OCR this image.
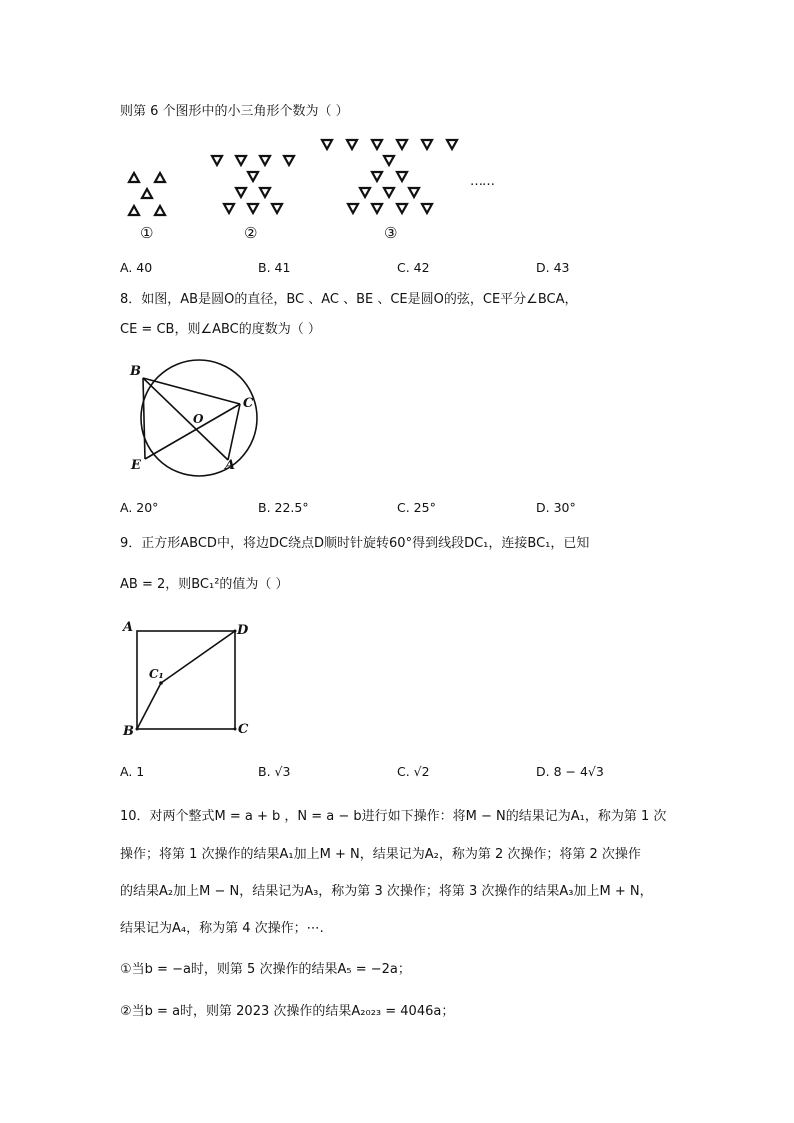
则第 6 个图形中的小三角形个数为（ ）
①	②	③
……
A. 40	B. 41	C. 42	D. 43
8．如图，AB是圆O的直径，BC 、AC 、BE 、CE是圆O的弦，CE平分∠BCA，
CE = CB，则∠ABC的度数为（ ）
B
C
O
E	A
A. 20°	B. 22.5°	C. 25°	D. 30°
9．正方形ABCD中，将边DC绕点D顺时针旋转60°得到线段DC₁，连接BC₁，已知
AB = 2，则BC₁²的值为（ ）
A	D
C₁
B	C
A. 1	B. √3	C. √2	D. 8 − 4√3
10．对两个整式M = a + b ，N = a − b进行如下操作：将M − N的结果记为A₁，称为第 1 次
操作；将第 1 次操作的结果A₁加上M + N，结果记为A₂，称为第 2 次操作；将第 2 次操作
的结果A₂加上M − N，结果记为A₃，称为第 3 次操作；将第 3 次操作的结果A₃加上M + N，
结果记为A₄，称为第 4 次操作；⋯.
①当b = −a时，则第 5 次操作的结果A₅ = −2a；
②当b = a时，则第 2023 次操作的结果A₂₀₂₃ = 4046a；
